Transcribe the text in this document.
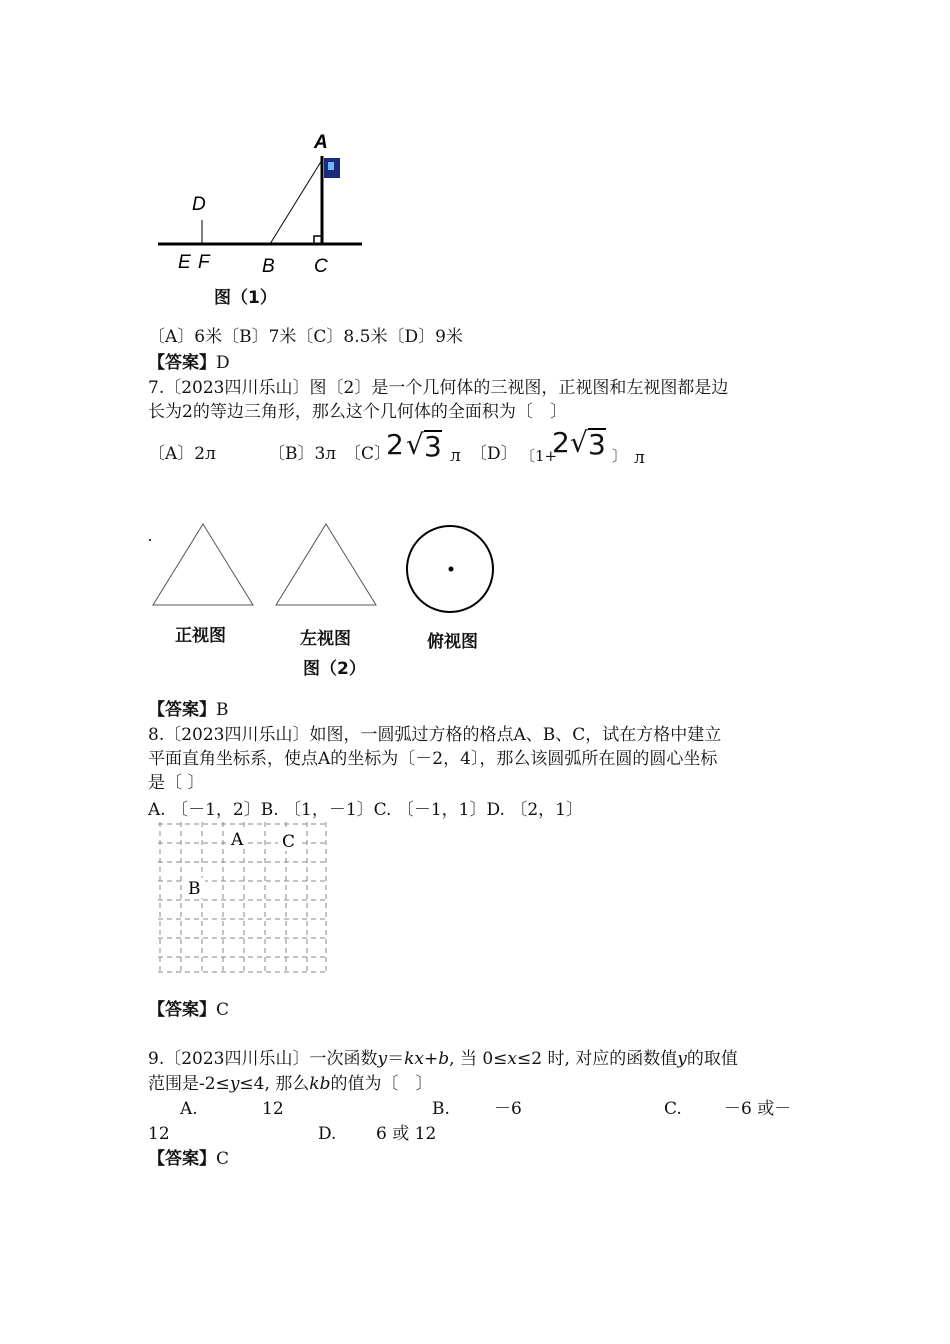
A
D
E F	B C
图（1）
〔A〕6米〔B〕7米〔C〕8.5米〔D〕9米
【答案】D
7.〔2023四川乐山〕图〔2〕是一个几何体的三视图，正视图和左视图都是边
长为2的等边三角形，那么这个几何体的全面积为〔　〕
〔A〕2л	〔B〕3л 〔C〕
2 √ 3 л 〔D〕 〔1+
2 √ 3 〕 л
正视图	左视图	俯视图
图（2）
【答案】B
8.〔2023四川乐山〕如图，一圆弧过方格的格点A、B、C，试在方格中建立
平面直角坐标系，使点A的坐标为〔－2，4〕，那么该圆弧所在圆的圆心坐标
是〔 〕
A. 〔－1，2〕B. 〔1，－1〕C. 〔－1，1〕D. 〔2，1〕
A C
B
【答案】C
9.〔2023四川乐山〕一次函数y＝kx+b, 当 0≤x≤2 时, 对应的函数值y的取值
范围是-2≤y≤4, 那么kb的值为〔　〕
A.	12	B.	－6	C. －6 或－
12	D. 6 或 12
【答案】C
